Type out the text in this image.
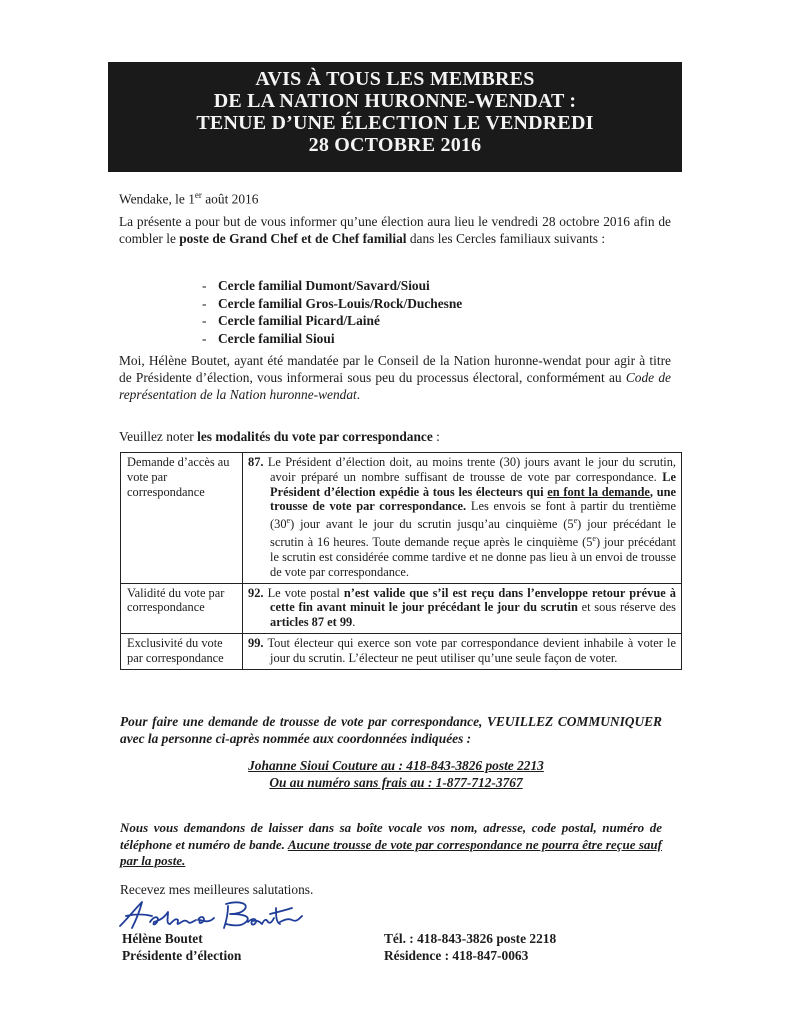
AVIS À TOUS LES MEMBRES
DE LA NATION HURONNE-WENDAT :
TENUE D’UNE ÉLECTION LE VENDREDI
28 OCTOBRE 2016
Wendake, le 1er août 2016
La présente a pour but de vous informer qu’une élection aura lieu le vendredi 28 octobre 2016 afin de combler le poste de Grand Chef et de Chef familial dans les Cercles familiaux suivants :
- Cercle familial Dumont/Savard/Sioui
- Cercle familial Gros-Louis/Rock/Duchesne
- Cercle familial Picard/Lainé
- Cercle familial Sioui
Moi, Hélène Boutet, ayant été mandatée par le Conseil de la Nation huronne-wendat pour agir à titre de Présidente d’élection, vous informerai sous peu du processus électoral, conformément au Code de représentation de la Nation huronne-wendat.
Veuillez noter les modalités du vote par correspondance :
Demande d’accès au vote par correspondance	87. Le Président d’élection doit, au moins trente (30) jours avant le jour du scrutin, avoir préparé un nombre suffisant de trousse de vote par correspondance. Le Président d’élection expédie à tous les électeurs qui en font la demande, une trousse de vote par correspondance. Les envois se font à partir du trentième (30e) jour avant le jour du scrutin jusqu’au cinquième (5e) jour précédant le scrutin à 16 heures. Toute demande reçue après le cinquième (5e) jour précédant le scrutin est considérée comme tardive et ne donne pas lieu à un envoi de trousse de vote par correspondance.

Validité du vote par correspondance	92. Le vote postal n’est valide que s’il est reçu dans l’enveloppe retour prévue à cette fin avant minuit le jour précédant le jour du scrutin et sous réserve des articles 87 et 99.

Exclusivité du vote par correspondance	99. Tout électeur qui exerce son vote par correspondance devient inhabile à voter le jour du scrutin. L’électeur ne peut utiliser qu’une seule façon de voter.
Pour faire une demande de trousse de vote par correspondance, VEUILLEZ COMMUNIQUER avec la personne ci-après nommée aux coordonnées indiquées :
Johanne Sioui Couture au : 418-843-3826 poste 2213
Ou au numéro sans frais au : 1-877-712-3767
Nous vous demandons de laisser dans sa boîte vocale vos nom, adresse, code postal, numéro de téléphone et numéro de bande. Aucune trousse de vote par correspondance ne pourra être reçue sauf par la poste.
Recevez mes meilleures salutations.
Hélène Boutet
Présidente d’élection
Tél. : 418-843-3826 poste 2218
Résidence : 418-847-0063
